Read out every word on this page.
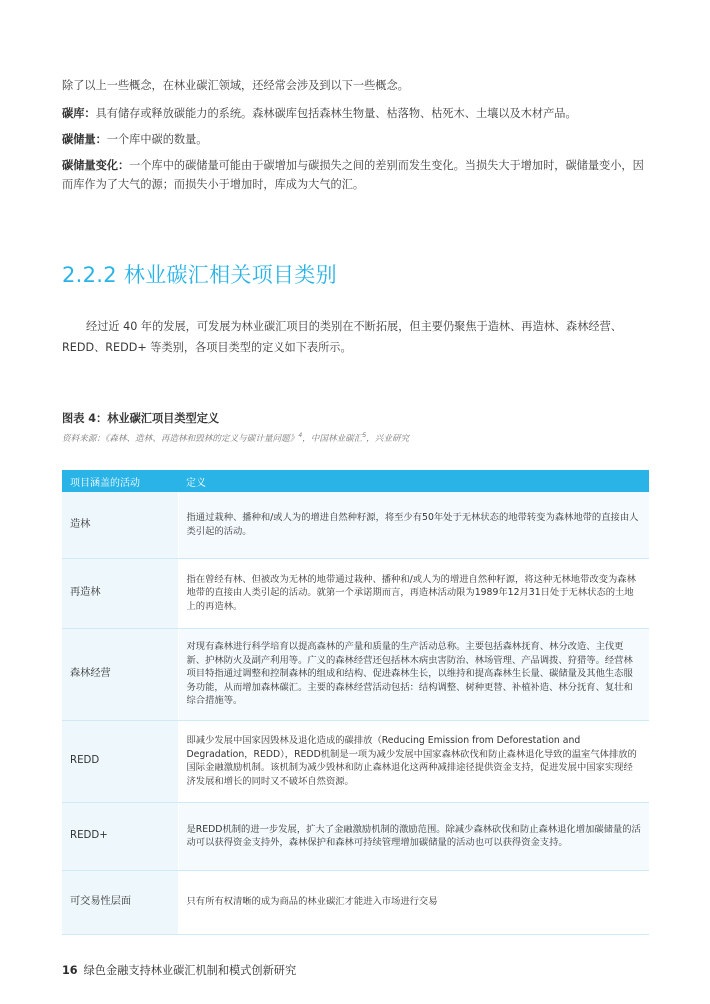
除了以上一些概念，在林业碳汇领域，还经常会涉及到以下一些概念。
碳库：具有储存或释放碳能力的系统。森林碳库包括森林生物量、枯落物、枯死木、土壤以及木材产品。
碳储量：一个库中碳的数量。
碳储量变化：一个库中的碳储量可能由于碳增加与碳损失之间的差别而发生变化。当损失大于增加时，碳储量变小，因而库作为了大气的源；而损失小于增加时，库成为大气的汇。
2.2.2 林业碳汇相关项目类别
经过近 40 年的发展，可发展为林业碳汇项目的类别在不断拓展，但主要仍聚焦于造林、再造林、森林经营、REDD、REDD+ 等类别，各项目类型的定义如下表所示。
图表 4：林业碳汇项目类型定义
资料来源：《森林、造林、再造林和毁林的定义与碳计量问题》$^4$，中国林业碳汇$^5$，兴业研究
项目涵盖的活动	定义
造林	指通过栽种、播种和/或人为的增进自然种籽源，将至少有50年处于无林状态的地带转变为森林地带的直接由人类引起的活动。
再造林	指在曾经有林、但被改为无林的地带通过栽种、播种和/或人为的增进自然种籽源，将这种无林地带改变为森林地带的直接由人类引起的活动。就第一个承诺期而言，再造林活动限为1989年12月31日处于无林状态的土地上的再造林。
森林经营	对现有森林进行科学培育以提高森林的产量和质量的生产活动总称。主要包括森林抚育、林分改造、主伐更新、护林防火及副产利用等。广义的森林经营还包括林木病虫害防治、林场管理、产品调拨、狩猎等。经营林项目特指通过调整和控制森林的组成和结构、促进森林生长，以维持和提高森林生长量、碳储量及其他生态服务功能，从而增加森林碳汇。主要的森林经营活动包括：结构调整、树种更替、补植补造、林分抚育、复壮和综合措施等。
REDD	即减少发展中国家因毁林及退化造成的碳排放（Reducing Emission from Deforestation and Degradation，REDD），REDD机制是一项为减少发展中国家森林砍伐和防止森林退化导致的温室气体排放的国际金融激励机制。该机制为减少毁林和防止森林退化这两种减排途径提供资金支持，促进发展中国家实现经济发展和增长的同时又不破坏自然资源。
REDD+	是REDD机制的进一步发展，扩大了金融激励机制的激励范围。除减少森林砍伐和防止森林退化增加碳储量的活动可以获得资金支持外，森林保护和森林可持续管理增加碳储量的活动也可以获得资金支持。
可交易性层面	只有所有权清晰的成为商品的林业碳汇才能进入市场进行交易
16 绿色金融支持林业碳汇机制和模式创新研究
